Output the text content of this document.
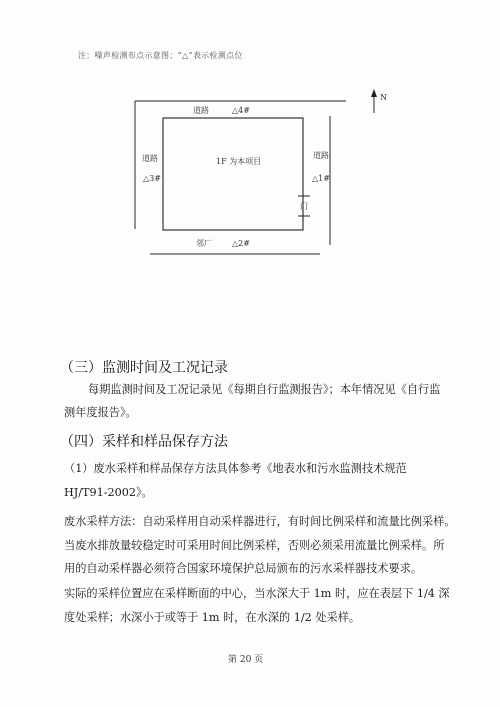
注：噪声检测布点示意图；“△”表示检测点位
道路	△4#
道路
△3#
1F 为本项目
道路
△1#
门
邻厂	△2#
N
（三）监测时间及工况记录
每期监测时间及工况记录见《每期自行监测报告》；本年情况见《自行监
测年度报告》。
（四）采样和样品保存方法
（1）废水采样和样品保存方法具体参考《地表水和污水监测技术规范
HJ/T91-2002》。
废水采样方法：自动采样用自动采样器进行，有时间比例采样和流量比例采样。
当废水排放量较稳定时可采用时间比例采样，否则必须采用流量比例采样。所
用的自动采样器必须符合国家环境保护总局颁布的污水采样器技术要求。
实际的采样位置应在采样断面的中心，当水深大于 1m 时，应在表层下 1/4 深
度处采样；水深小于或等于 1m 时，在水深的 1/2 处采样。
第 20 页
